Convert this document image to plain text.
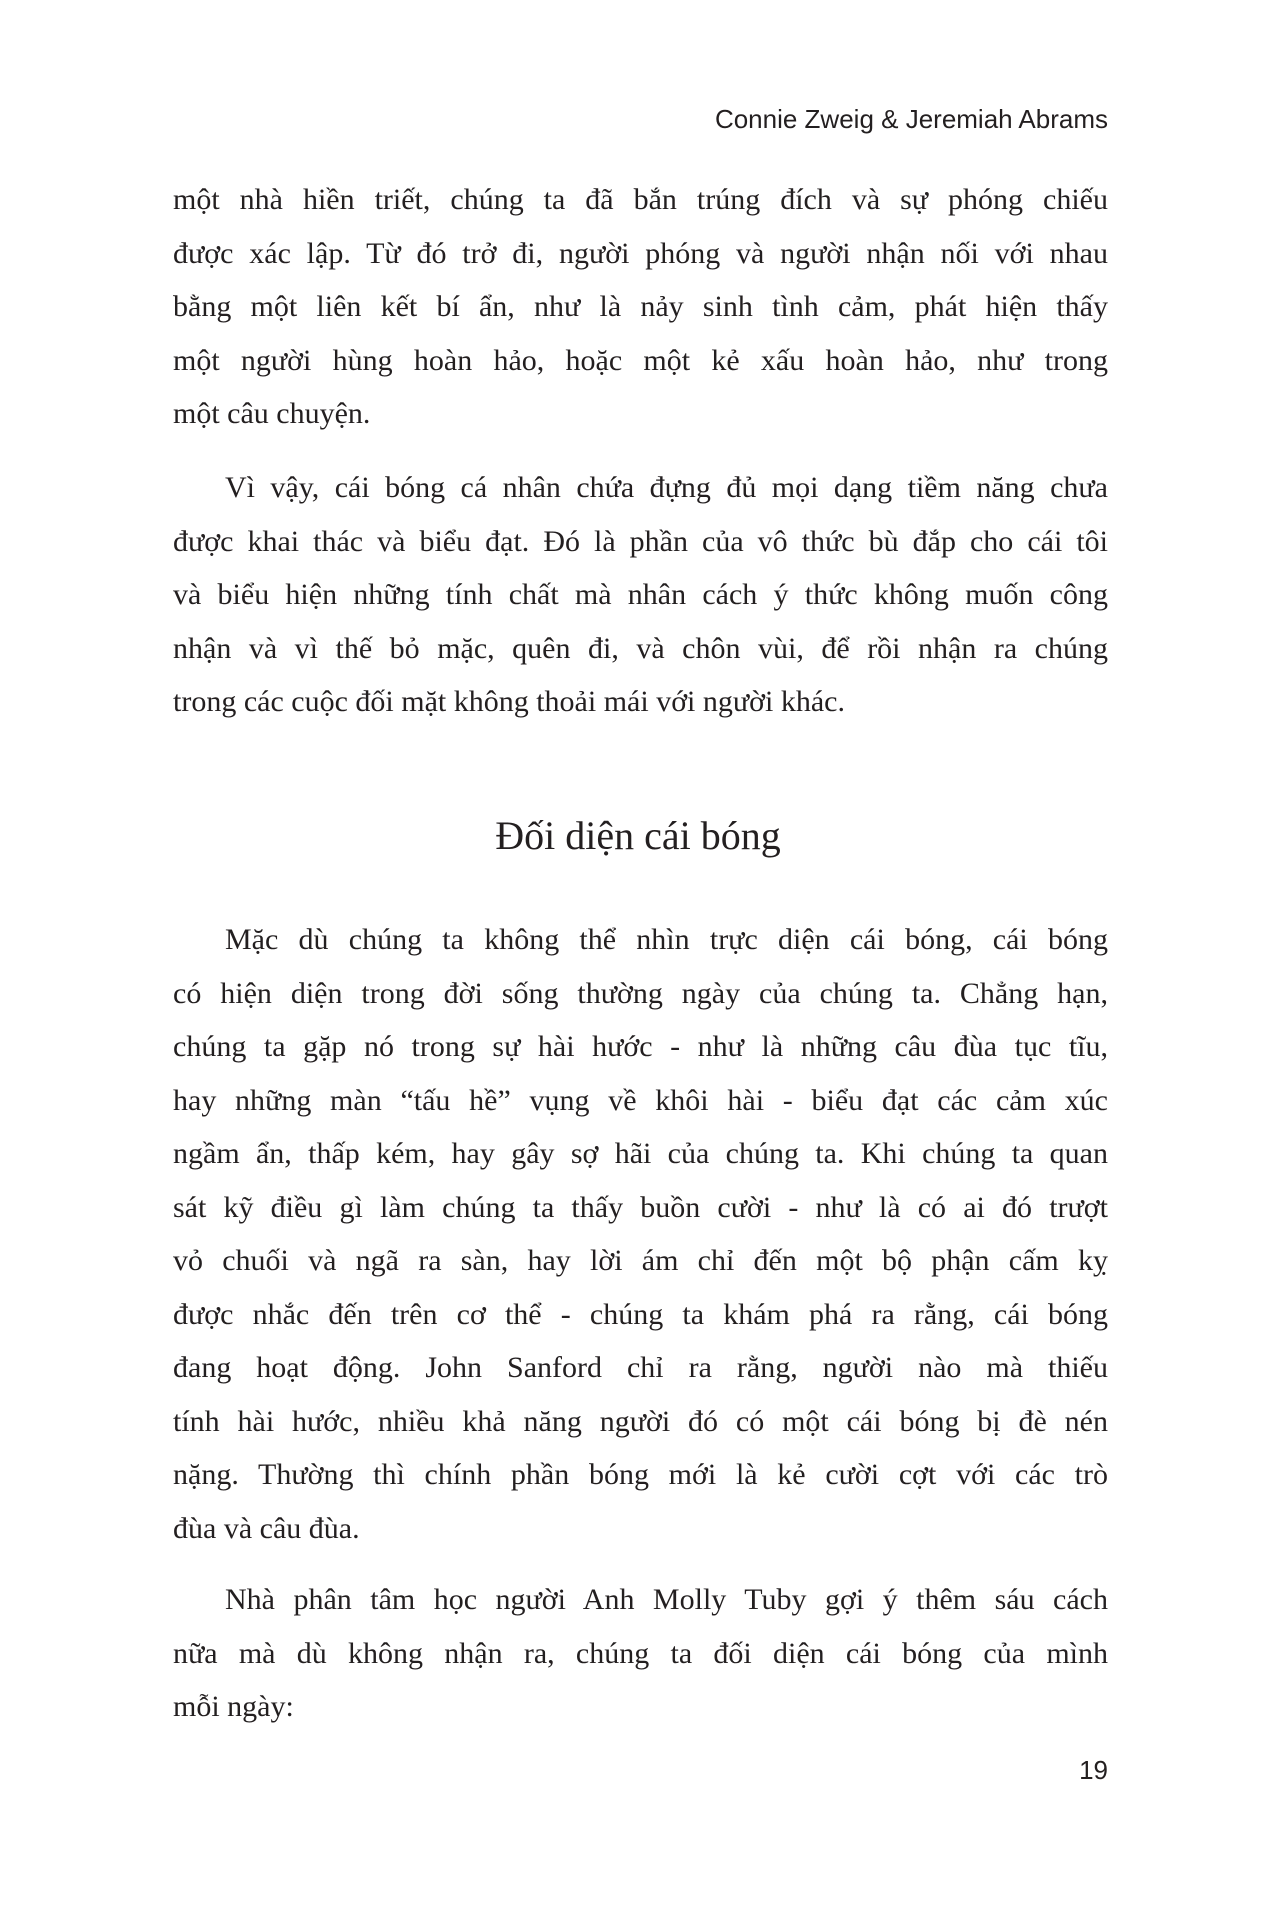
Connie Zweig & Jeremiah Abrams
một nhà hiền triết, chúng ta đã bắn trúng đích và sự phóng chiếu
được xác lập. Từ đó trở đi, người phóng và người nhận nối với nhau
bằng một liên kết bí ẩn, như là nảy sinh tình cảm, phát hiện thấy
một người hùng hoàn hảo, hoặc một kẻ xấu hoàn hảo, như trong
một câu chuyện.
Vì vậy, cái bóng cá nhân chứa đựng đủ mọi dạng tiềm năng chưa
được khai thác và biểu đạt. Đó là phần của vô thức bù đắp cho cái tôi
và biểu hiện những tính chất mà nhân cách ý thức không muốn công
nhận và vì thế bỏ mặc, quên đi, và chôn vùi, để rồi nhận ra chúng
trong các cuộc đối mặt không thoải mái với người khác.
Đối diện cái bóng
Mặc dù chúng ta không thể nhìn trực diện cái bóng, cái bóng
có hiện diện trong đời sống thường ngày của chúng ta. Chẳng hạn,
chúng ta gặp nó trong sự hài hước - như là những câu đùa tục tĩu,
hay những màn “tấu hề” vụng về khôi hài - biểu đạt các cảm xúc
ngầm ẩn, thấp kém, hay gây sợ hãi của chúng ta. Khi chúng ta quan
sát kỹ điều gì làm chúng ta thấy buồn cười - như là có ai đó trượt
vỏ chuối và ngã ra sàn, hay lời ám chỉ đến một bộ phận cấm kỵ
được nhắc đến trên cơ thể - chúng ta khám phá ra rằng, cái bóng
đang hoạt động. John Sanford chỉ ra rằng, người nào mà thiếu
tính hài hước, nhiều khả năng người đó có một cái bóng bị đè nén
nặng. Thường thì chính phần bóng mới là kẻ cười cợt với các trò
đùa và câu đùa.
Nhà phân tâm học người Anh Molly Tuby gợi ý thêm sáu cách
nữa mà dù không nhận ra, chúng ta đối diện cái bóng của mình
mỗi ngày:
19
